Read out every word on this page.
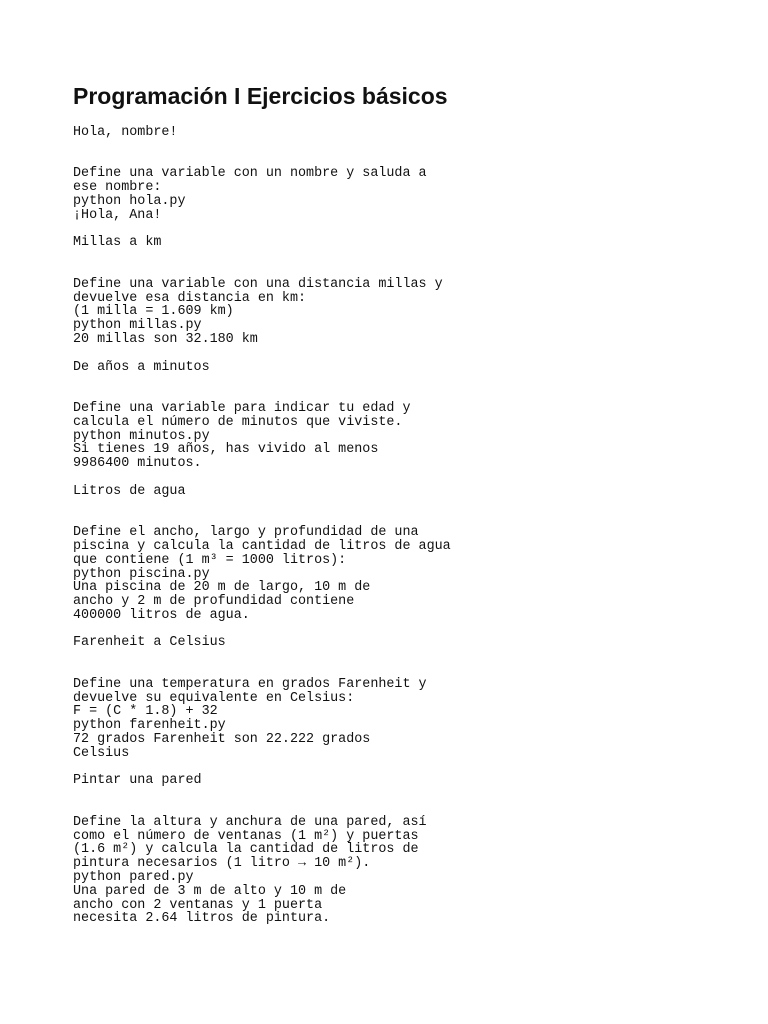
Programación I Ejercicios básicos
Hola, nombre!
Define una variable con un nombre y saluda a
ese nombre:
python hola.py
¡Hola, Ana!
Millas a km
Define una variable con una distancia millas y
devuelve esa distancia en km:
(1 milla = 1.609 km)
python millas.py
20 millas son 32.180 km
De años a minutos
Define una variable para indicar tu edad y
calcula el número de minutos que viviste.
python minutos.py
Si tienes 19 años, has vivido al menos
9986400 minutos.
Litros de agua
Define el ancho, largo y profundidad de una
piscina y calcula la cantidad de litros de agua
que contiene (1 m³ = 1000 litros):
python piscina.py
Una piscina de 20 m de largo, 10 m de
ancho y 2 m de profundidad contiene
400000 litros de agua.
Farenheit a Celsius
Define una temperatura en grados Farenheit y
devuelve su equivalente en Celsius:
F = (C * 1.8) + 32
python farenheit.py
72 grados Farenheit son 22.222 grados
Celsius
Pintar una pared
Define la altura y anchura de una pared, así
como el número de ventanas (1 m²) y puertas
(1.6 m²) y calcula la cantidad de litros de
pintura necesarios (1 litro → 10 m²).
python pared.py
Una pared de 3 m de alto y 10 m de
ancho con 2 ventanas y 1 puerta
necesita 2.64 litros de pintura.
